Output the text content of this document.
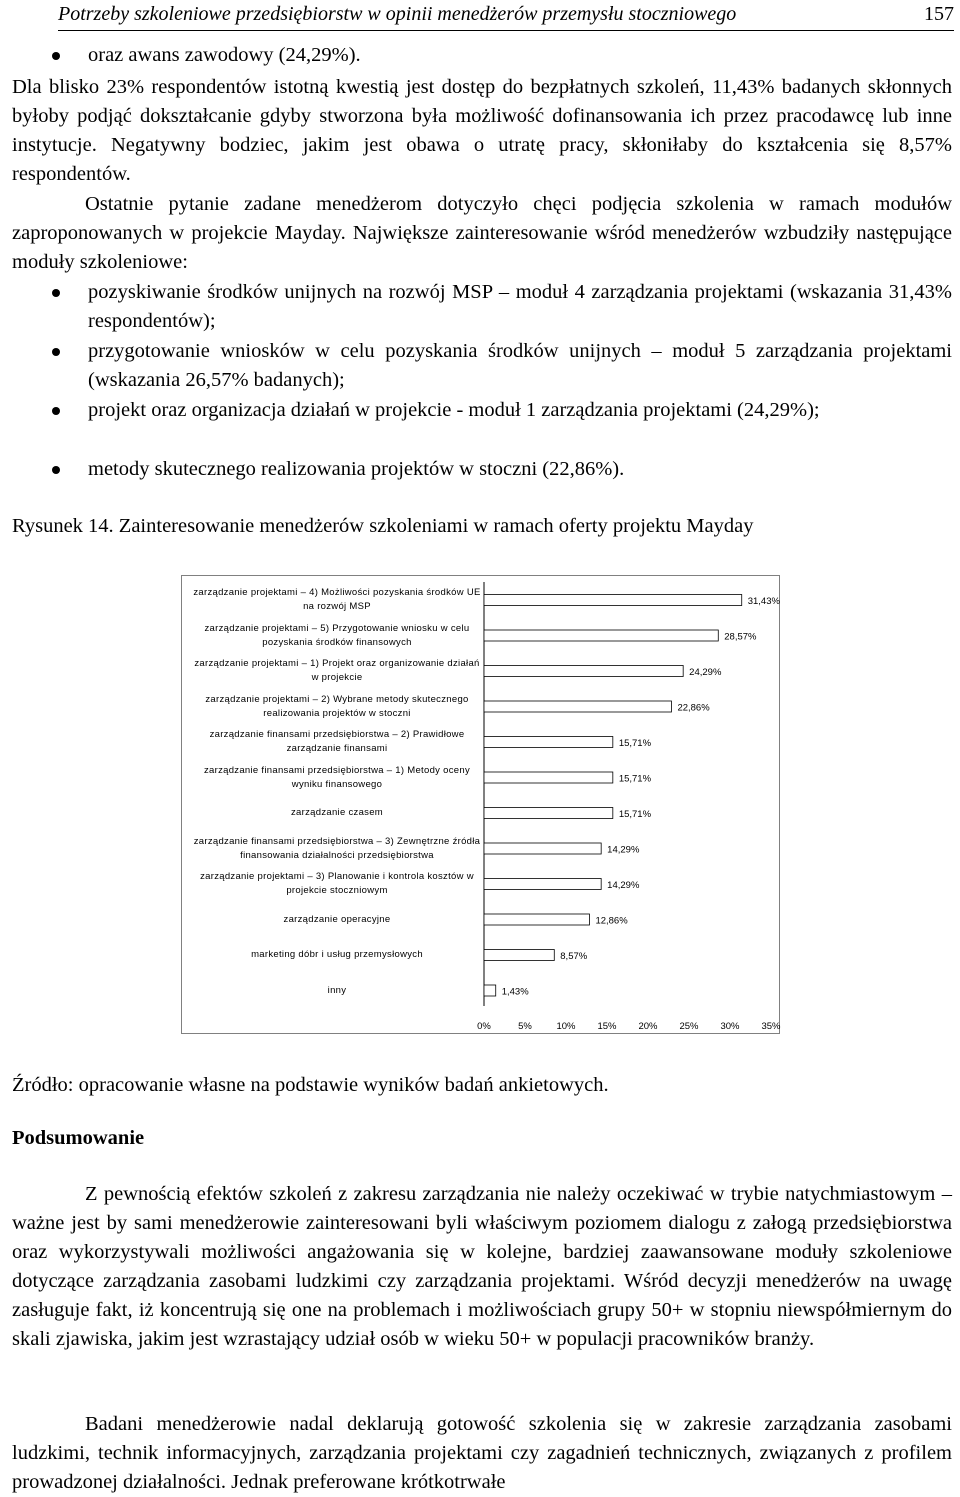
Potrzeby szkoleniowe przedsiębiorstw w opinii menedżerów przemysłu stoczniowego	157
oraz awans zawodowy (24,29%).
Dla blisko 23% respondentów istotną kwestią jest dostęp do bezpłatnych szkoleń, 11,43% badanych skłonnych byłoby podjąć dokształcanie gdyby stworzona była możliwość dofinansowania ich przez pracodawcę lub inne instytucje. Negatywny bodziec, jakim jest obawa o utratę pracy, skłoniłaby do kształcenia się 8,57% respondentów.
Ostatnie pytanie zadane menedżerom dotyczyło chęci podjęcia szkolenia w ramach modułów zaproponowanych w projekcie Mayday. Największe zainteresowanie wśród menedżerów wzbudziły następujące moduły szkoleniowe:
pozyskiwanie środków unijnych na rozwój MSP – moduł 4 zarządzania projektami (wskazania 31,43% respondentów);
przygotowanie wniosków w celu pozyskania środków unijnych – moduł 5 zarządzania projektami (wskazania 26,57% badanych);
projekt oraz organizacja działań w projekcie - moduł 1 zarządzania projektami (24,29%);
metody skutecznego realizowania projektów w stoczni (22,86%).
Rysunek 14. Zainteresowanie menedżerów szkoleniami w ramach oferty projektu Mayday
31,43%
28,57%
24,29%
22,86%
15,71%
15,71%
15,71%
14,29%
14,29%
12,86%
8,57%
1,43%
0%	5%	10% 15% 20% 25% 30% 35%
zarządzanie projektami – 4) Możliwości pozyskania środków UE na rozwój MSP
zarządzanie projektami – 5) Przygotowanie wniosku w celu pozyskania środków finansowych
zarządzanie projektami – 1) Projekt oraz organizowanie działań w projekcie
zarządzanie projektami – 2) Wybrane metody skutecznego realizowania projektów w stoczni
zarządzanie finansami przedsiębiorstwa – 2) Prawidłowe zarządzanie finansami
zarządzanie finansami przedsiębiorstwa – 1) Metody oceny wyniku finansowego
zarządzanie czasem
zarządzanie finansami przedsiębiorstwa – 3) Zewnętrzne źródła finansowania działalności przedsiębiorstwa
zarządzanie projektami – 3) Planowanie i kontrola kosztów w projekcie stoczniowym
zarządzanie operacyjne
marketing dóbr i usług przemysłowych
inny
Źródło: opracowanie własne na podstawie wyników badań ankietowych.
Podsumowanie
Z pewnością efektów szkoleń z zakresu zarządzania nie należy oczekiwać w trybie natychmiastowym – ważne jest by sami menedżerowie zainteresowani byli właściwym poziomem dialogu z załogą przedsiębiorstwa oraz wykorzystywali możliwości angażowania się w kolejne, bardziej zaawansowane moduły szkoleniowe dotyczące zarządzania zasobami ludzkimi czy zarządzania projektami. Wśród decyzji menedżerów na uwagę zasługuje fakt, iż koncentrują się one na problemach i możliwościach grupy 50+ w stopniu niewspółmiernym do skali zjawiska, jakim jest wzrastający udział osób w wieku 50+ w populacji pracowników branży.
Badani menedżerowie nadal deklarują gotowość szkolenia się w zakresie zarządzania zasobami ludzkimi, technik informacyjnych, zarządzania projektami czy zagadnień technicznych, związanych z profilem prowadzonej działalności. Jednak preferowane krótkotrwałe
